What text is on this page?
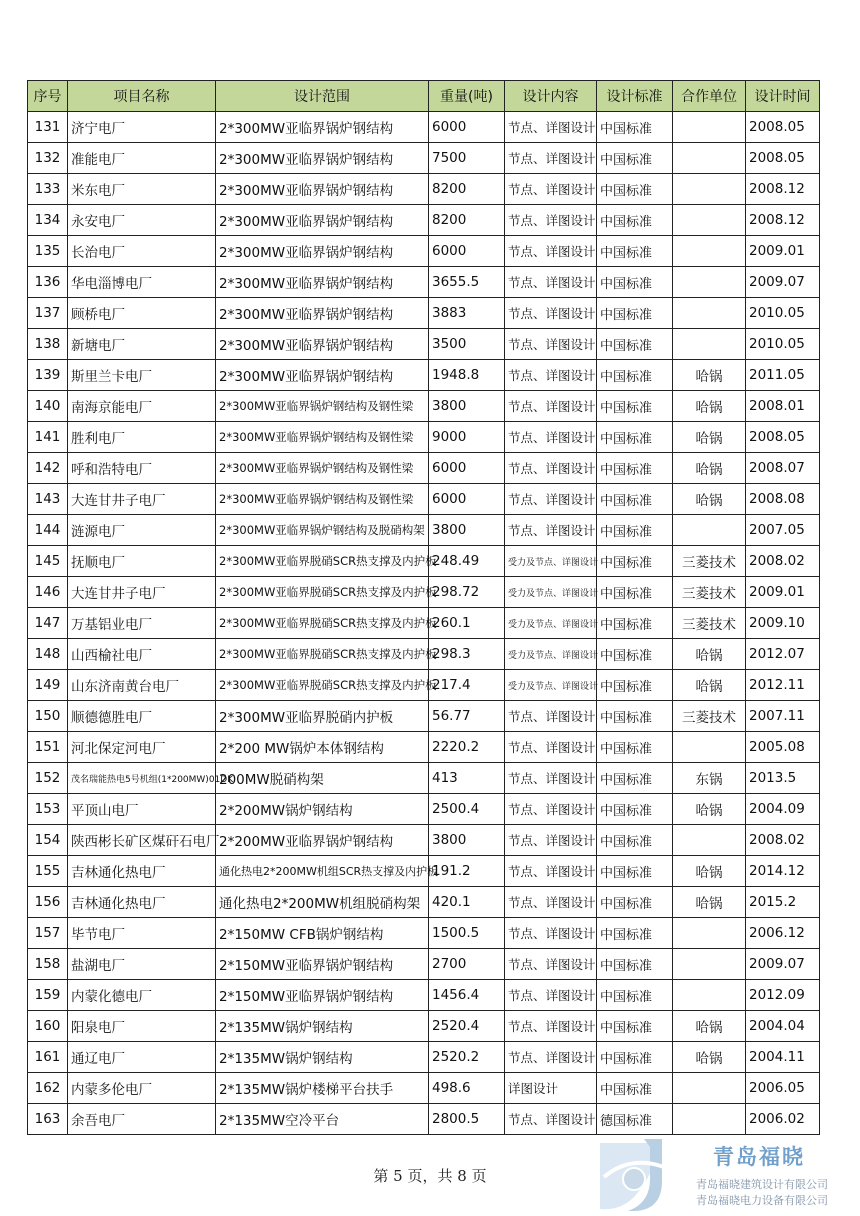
序号	项目名称	设计范围	重量(吨)	设计内容	设计标准	合作单位	设计时间
131	济宁电厂	2*300MW亚临界锅炉钢结构	6000	节点、详图设计	中国标准		2008.05
132	准能电厂	2*300MW亚临界锅炉钢结构	7500	节点、详图设计	中国标准		2008.05
133	米东电厂	2*300MW亚临界锅炉钢结构	8200	节点、详图设计	中国标准		2008.12
134	永安电厂	2*300MW亚临界锅炉钢结构	8200	节点、详图设计	中国标准		2008.12
135	长治电厂	2*300MW亚临界锅炉钢结构	6000	节点、详图设计	中国标准		2009.01
136	华电淄博电厂	2*300MW亚临界锅炉钢结构	3655.5	节点、详图设计	中国标准		2009.07
137	顾桥电厂	2*300MW亚临界锅炉钢结构	3883	节点、详图设计	中国标准		2010.05
138	新塘电厂	2*300MW亚临界锅炉钢结构	3500	节点、详图设计	中国标准		2010.05
139	斯里兰卡电厂	2*300MW亚临界锅炉钢结构	1948.8	节点、详图设计	中国标准	哈锅	2011.05
140	南海京能电厂	2*300MW亚临界锅炉钢结构及钢性梁	3800	节点、详图设计	中国标准	哈锅	2008.01
141	胜利电厂	2*300MW亚临界锅炉钢结构及钢性梁	9000	节点、详图设计	中国标准	哈锅	2008.05
142	呼和浩特电厂	2*300MW亚临界锅炉钢结构及钢性梁	6000	节点、详图设计	中国标准	哈锅	2008.07
143	大连甘井子电厂	2*300MW亚临界锅炉钢结构及钢性梁	6000	节点、详图设计	中国标准	哈锅	2008.08
144	涟源电厂	2*300MW亚临界锅炉钢结构及脱硝构架	3800	节点、详图设计	中国标准		2007.05
145	抚顺电厂	2*300MW亚临界脱硝SCR热支撑及内护板	248.49	受力及节点、详图设计	中国标准	三菱技术	2008.02
146	大连甘井子电厂	2*300MW亚临界脱硝SCR热支撑及内护板	298.72	受力及节点、详图设计	中国标准	三菱技术	2009.01
147	万基铝业电厂	2*300MW亚临界脱硝SCR热支撑及内护板	260.1	受力及节点、详图设计	中国标准	三菱技术	2009.10
148	山西榆社电厂	2*300MW亚临界脱硝SCR热支撑及内护板	298.3	受力及节点、详图设计	中国标准	哈锅	2012.07
149	山东济南黄台电厂	2*300MW亚临界脱硝SCR热支撑及内护板	217.4	受力及节点、详图设计	中国标准	哈锅	2012.11
150	顺德德胜电厂	2*300MW亚临界脱硝内护板	56.77	节点、详图设计	中国标准	三菱技术	2007.11
151	河北保定河电厂	2*200 MW锅炉本体钢结构	2220.2	节点、详图设计	中国标准		2005.08
152	茂名瑞能热电5号机组(1*200MW)01DK	200MW脱硝构架	413	节点、详图设计	中国标准	东锅	2013.5
153	平顶山电厂	2*200MW锅炉钢结构	2500.4	节点、详图设计	中国标准	哈锅	2004.09
154	陕西彬长矿区煤矸石电厂	2*200MW亚临界锅炉钢结构	3800	节点、详图设计	中国标准		2008.02
155	吉林通化热电厂	通化热电2*200MW机组SCR热支撑及内护板	191.2	节点、详图设计	中国标准	哈锅	2014.12
156	吉林通化热电厂	通化热电2*200MW机组脱硝构架	420.1	节点、详图设计	中国标准	哈锅	2015.2
157	毕节电厂	2*150MW CFB锅炉钢结构	1500.5	节点、详图设计	中国标准		2006.12
158	盐湖电厂	2*150MW亚临界锅炉钢结构	2700	节点、详图设计	中国标准		2009.07
159	内蒙化德电厂	2*150MW亚临界锅炉钢结构	1456.4	节点、详图设计	中国标准		2012.09
160	阳泉电厂	2*135MW锅炉钢结构	2520.4	节点、详图设计	中国标准	哈锅	2004.04
161	通辽电厂	2*135MW锅炉钢结构	2520.2	节点、详图设计	中国标准	哈锅	2004.11
162	内蒙多伦电厂	2*135MW锅炉楼梯平台扶手	498.6	详图设计	中国标准		2006.05
163	余吾电厂	2*135MW空冷平台	2800.5	节点、详图设计	德国标准		2006.02
第 5 页，共 8 页
青岛福晓
青岛福晓建筑设计有限公司
青岛福晓电力设备有限公司
